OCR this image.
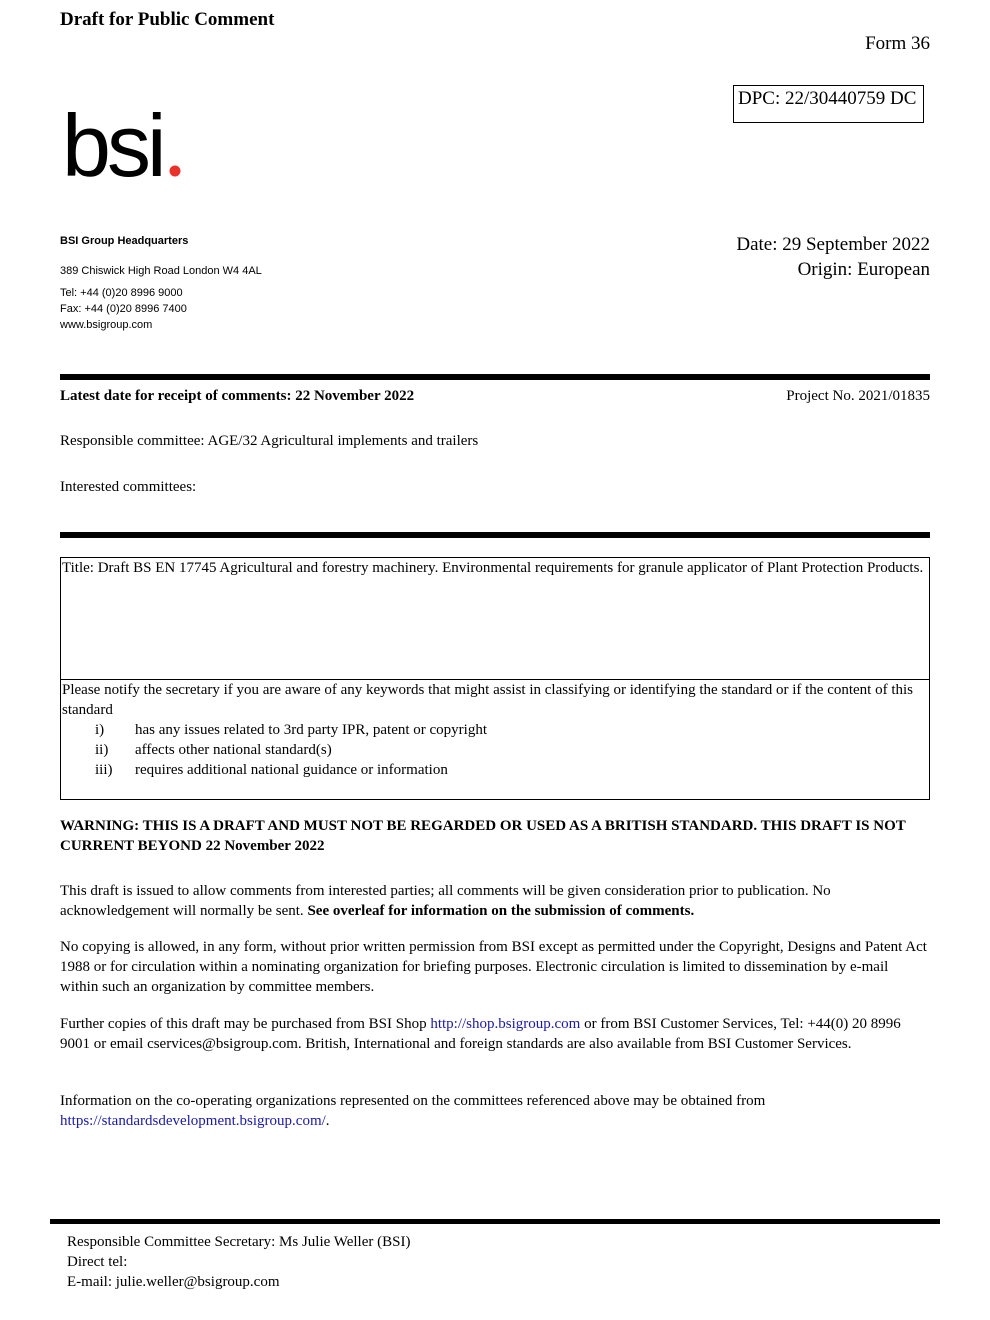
Draft for Public Comment
Form 36
DPC: 22/30440759 DC
bsi
BSI Group Headquarters
389 Chiswick High Road London W4 4AL
Tel: +44 (0)20 8996 9000
Fax: +44 (0)20 8996 7400
www.bsigroup.com
Date: 29 September 2022
Origin: European
Latest date for receipt of comments: 22 November 2022	Project No. 2021/01835
Responsible committee: AGE/32 Agricultural implements and trailers
Interested committees:
Title: Draft BS EN 17745 Agricultural and forestry machinery. Environmental requirements for granule applicator of Plant Protection Products.
Please notify the secretary if you are aware of any keywords that might assist in classifying or identifying the standard or if the content of this standard
i) has any issues related to 3rd party IPR, patent or copyright
ii) affects other national standard(s)
iii) requires additional national guidance or information
WARNING: THIS IS A DRAFT AND MUST NOT BE REGARDED OR USED AS A BRITISH STANDARD. THIS DRAFT IS NOT CURRENT BEYOND 22 November 2022
This draft is issued to allow comments from interested parties; all comments will be given consideration prior to publication. No acknowledgement will normally be sent. See overleaf for information on the submission of comments.
No copying is allowed, in any form, without prior written permission from BSI except as permitted under the Copyright, Designs and Patent Act 1988 or for circulation within a nominating organization for briefing purposes. Electronic circulation is limited to dissemination by e-mail within such an organization by committee members.
Further copies of this draft may be purchased from BSI Shop http://shop.bsigroup.com or from BSI Customer Services, Tel: +44(0) 20 8996 9001 or email cservices@bsigroup.com. British, International and foreign standards are also available from BSI Customer Services.
Information on the co-operating organizations represented on the committees referenced above may be obtained from https://standardsdevelopment.bsigroup.com/.
Responsible Committee Secretary: Ms Julie Weller (BSI)
Direct tel:
E-mail: julie.weller@bsigroup.com
